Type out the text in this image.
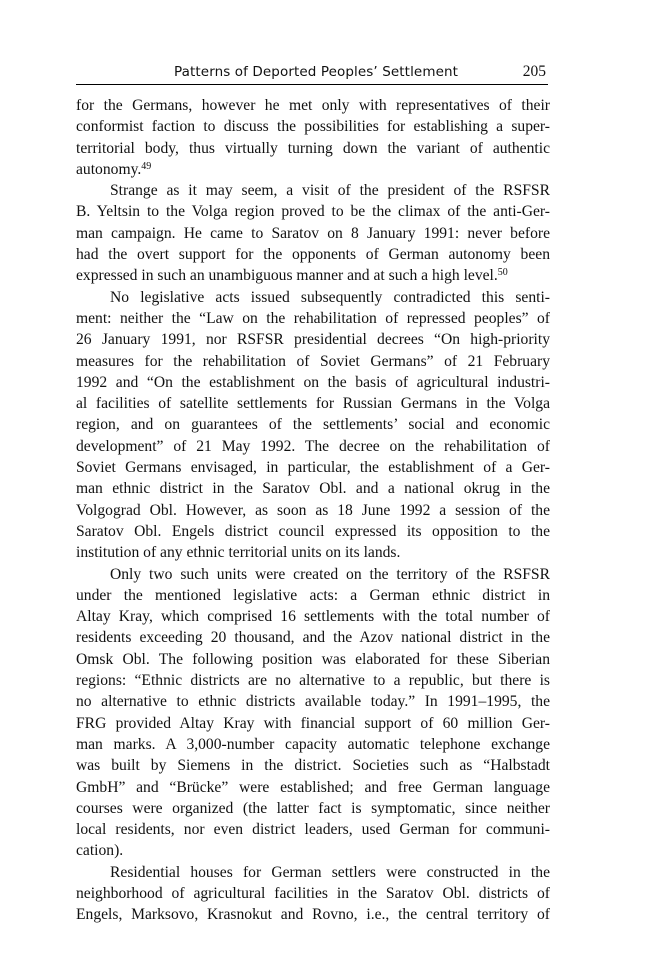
Patterns of Deported Peoples’ Settlement	205
for the Germans, however he met only with representatives of their
conformist faction to discuss the possibilities for establishing a super-
territorial body, thus virtually turning down the variant of authentic
autonomy.$^{49}$
Strange as it may seem, a visit of the president of the RSFSR
B. Yeltsin to the Volga region proved to be the climax of the anti-Ger-
man campaign. He came to Saratov on 8 January 1991: never before
had the overt support for the opponents of German autonomy been
expressed in such an unambiguous manner and at such a high level.$^{50}$
No legislative acts issued subsequently contradicted this senti-
ment: neither the “Law on the rehabilitation of repressed peoples” of
26 January 1991, nor RSFSR presidential decrees “On high-priority
measures for the rehabilitation of Soviet Germans” of 21 February
1992 and “On the establishment on the basis of agricultural industri-
al facilities of satellite settlements for Russian Germans in the Volga
region, and on guarantees of the settlements’ social and economic
development” of 21 May 1992. The decree on the rehabilitation of
Soviet Germans envisaged, in particular, the establishment of a Ger-
man ethnic district in the Saratov Obl. and a national okrug in the
Volgograd Obl. However, as soon as 18 June 1992 a session of the
Saratov Obl. Engels district council expressed its opposition to the
institution of any ethnic territorial units on its lands.
Only two such units were created on the territory of the RSFSR
under the mentioned legislative acts: a German ethnic district in
Altay Kray, which comprised 16 settlements with the total number of
residents exceeding 20 thousand, and the Azov national district in the
Omsk Obl. The following position was elaborated for these Siberian
regions: “Ethnic districts are no alternative to a republic, but there is
no alternative to ethnic districts available today.” In 1991–1995, the
FRG provided Altay Kray with financial support of 60 million Ger-
man marks. A 3,000-number capacity automatic telephone exchange
was built by Siemens in the district. Societies such as “Halbstadt
GmbH” and “Brücke” were established; and free German language
courses were organized (the latter fact is symptomatic, since neither
local residents, nor even district leaders, used German for communi-
cation).
Residential houses for German settlers were constructed in the
neighborhood of agricultural facilities in the Saratov Obl. districts of
Engels, Marksovo, Krasnokut and Rovno, i.e., the central territory of
